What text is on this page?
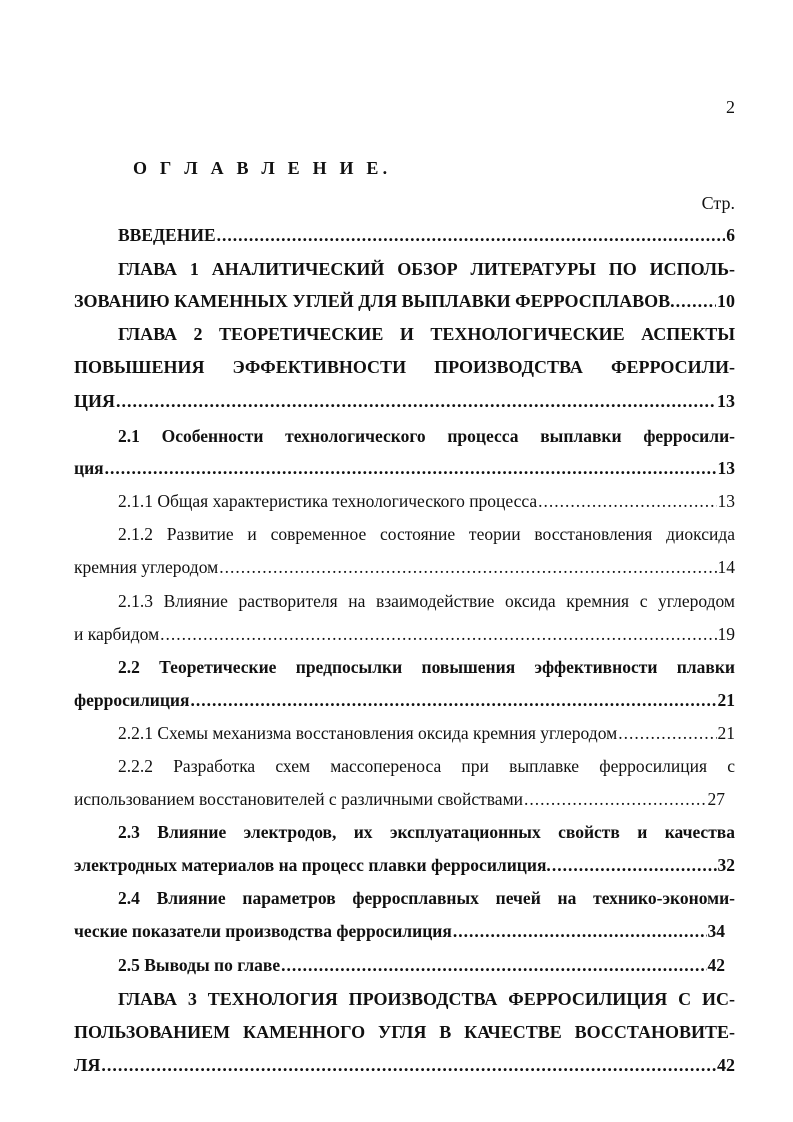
2
О Г Л А В Л Е Н И Е.
Стр.
ВВЕДЕНИЕ .....	6
ГЛАВА 1 АНАЛИТИЧЕСКИЙ ОБЗОР ЛИТЕРАТУРЫ ПО ИСПОЛЬ-
ЗОВАНИЮ КАМЕННЫХ УГЛЕЙ ДЛЯ ВЫПЛАВКИ ФЕРРОСПЛАВОВ. ..... 10
ГЛАВА 2 ТЕОРЕТИЧЕСКИЕ И ТЕХНОЛОГИЧЕСКИЕ АСПЕКТЫ
ПОВЫШЕНИЯ ЭФФЕКТИВНОСТИ ПРОИЗВОДСТВА ФЕРРОСИЛИ-
ЦИЯ .....	13
2.1 Особенности технологического процесса выплавки ферросили-
ция .....	13
2.1.1 Общая характеристика технологического процесса .....	13
2.1.2 Развитие и современное состояние теории восстановления диоксида
кремния углеродом .....	14
2.1.3 Влияние растворителя на взаимодействие оксида кремния с углеродом
и карбидом .....	19
2.2 Теоретические предпосылки повышения эффективности плавки
ферросилиция .....	21
2.2.1 Схемы механизма восстановления оксида кремния углеродом .....	21
2.2.2 Разработка схем массопереноса при выплавке ферросилиция с
использованием восстановителей с различными свойствами .....	27
2.3 Влияние электродов, их эксплуатационных свойств и качества
электродных материалов на процесс плавки ферросилиция. .....	32
2.4 Влияние параметров ферросплавных печей на технико-экономи-
ческие показатели производства ферросилиция .....	34
2.5 Выводы по главе .....	42
ГЛАВА 3 ТЕХНОЛОГИЯ ПРОИЗВОДСТВА ФЕРРОСИЛИЦИЯ С ИС-
ПОЛЬЗОВАНИЕМ КАМЕННОГО УГЛЯ В КАЧЕСТВЕ ВОССТАНОВИТЕ-
ЛЯ .....	42
